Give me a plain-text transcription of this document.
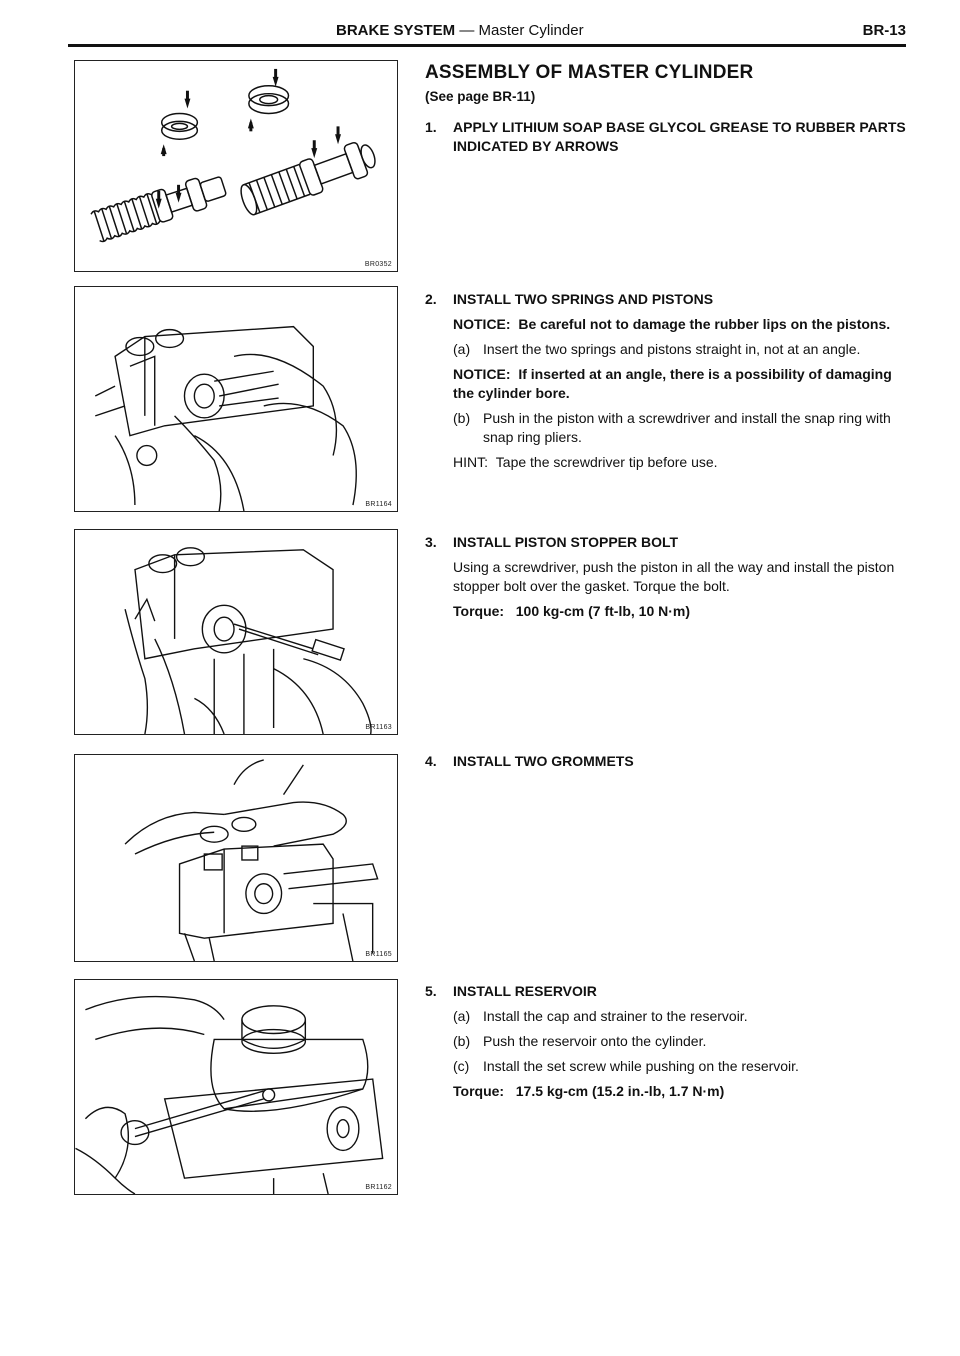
BRAKE SYSTEM — Master Cylinder	BR-13
BR0352
BR1164
BR1163
BR1165
BR1162
ASSEMBLY OF MASTER CYLINDER
(See page BR-11)
1. APPLY LITHIUM SOAP BASE GLYCOL GREASE TO RUBBER PARTS INDICATED BY ARROWS
2. INSTALL TWO SPRINGS AND PISTONS
NOTICE: Be careful not to damage the rubber lips on the pistons.
(a) Insert the two springs and pistons straight in, not at an angle.
NOTICE: If inserted at an angle, there is a possibility of damaging the cylinder bore.
(b) Push in the piston with a screwdriver and install the snap ring with snap ring pliers.
HINT: Tape the screwdriver tip before use.
3. INSTALL PISTON STOPPER BOLT
Using a screwdriver, push the piston in all the way and install the piston stopper bolt over the gasket. Torque the bolt.
Torque: 100 kg-cm (7 ft-lb, 10 N·m)
4. INSTALL TWO GROMMETS
5. INSTALL RESERVOIR
(a) Install the cap and strainer to the reservoir.
(b) Push the reservoir onto the cylinder.
(c) Install the set screw while pushing on the reservoir.
Torque: 17.5 kg-cm (15.2 in.-lb, 1.7 N·m)
